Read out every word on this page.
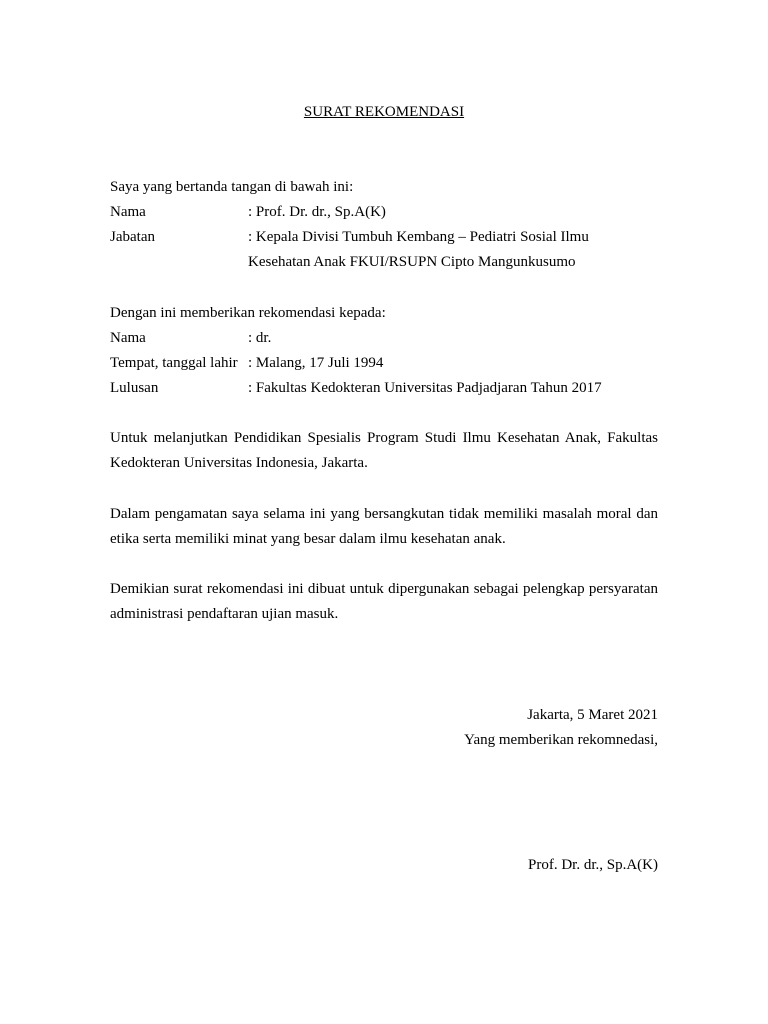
SURAT REKOMENDASI
Saya yang bertanda tangan di bawah ini:
Nama	: Prof. Dr. dr., Sp.A(K)
Jabatan	: Kepala Divisi Tumbuh Kembang – Pediatri Sosial Ilmu
Kesehatan Anak FKUI/RSUPN Cipto Mangunkusumo
Dengan ini memberikan rekomendasi kepada:
Nama	: dr.
Tempat, tanggal lahir : Malang, 17 Juli 1994
Lulusan	: Fakultas Kedokteran Universitas Padjadjaran Tahun 2017

Untuk melanjutkan Pendidikan Spesialis Program Studi Ilmu Kesehatan Anak, Fakultas Kedokteran Universitas Indonesia, Jakarta.

Dalam pengamatan saya selama ini yang bersangkutan tidak memiliki masalah moral dan etika serta memiliki minat yang besar dalam ilmu kesehatan anak.

Demikian surat rekomendasi ini dibuat untuk dipergunakan sebagai pelengkap persyaratan administrasi pendaftaran ujian masuk.

Jakarta, 5 Maret 2021
Yang memberikan rekomnedasi,
Prof. Dr. dr., Sp.A(K)
